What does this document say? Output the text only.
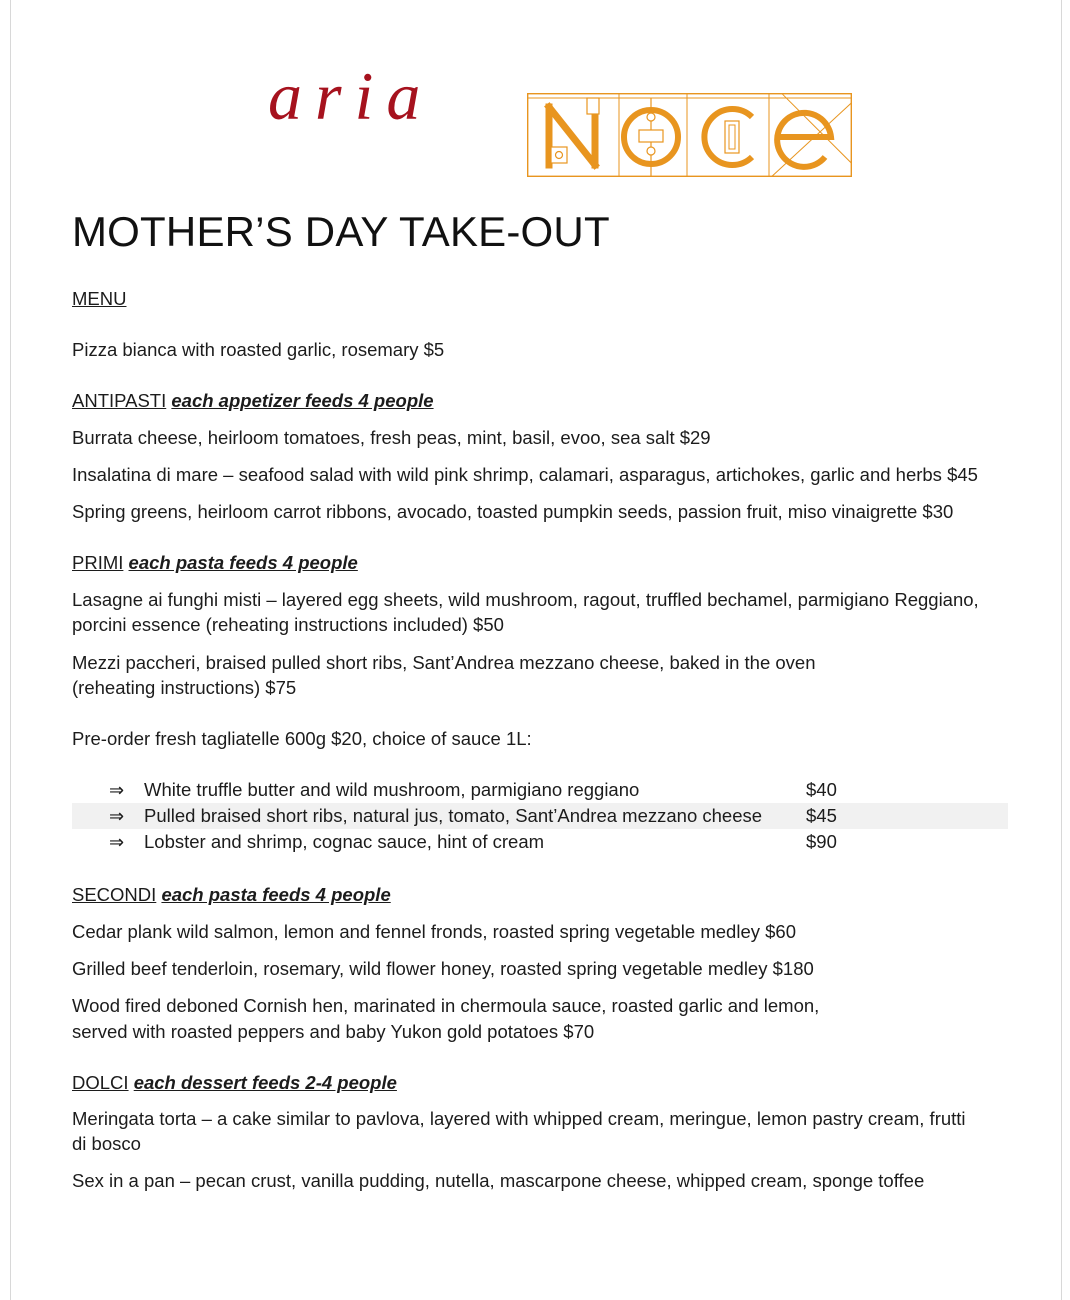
aria
MOTHER’S DAY TAKE-OUT
MENU
Pizza bianca with roasted garlic, rosemary $5
ANTIPASTI each appetizer feeds 4 people
Burrata cheese, heirloom tomatoes, fresh peas, mint, basil, evoo, sea salt $29
Insalatina di mare – seafood salad with wild pink shrimp, calamari, asparagus, artichokes, garlic and herbs $45
Spring greens, heirloom carrot ribbons, avocado, toasted pumpkin seeds, passion fruit, miso vinaigrette $30
PRIMI each pasta feeds 4 people
Lasagne ai funghi misti – layered egg sheets, wild mushroom, ragout, truffled bechamel, parmigiano Reggiano,
porcini essence (reheating instructions included) $50
Mezzi paccheri, braised pulled short ribs, Sant’Andrea mezzano cheese, baked in the oven
(reheating instructions) $75
Pre-order fresh tagliatelle 600g $20, choice of sauce 1L:
⇒ White truffle butter and wild mushroom, parmigiano reggiano	$40
⇒ Pulled braised short ribs, natural jus, tomato, Sant’Andrea mezzano cheese $45
⇒ Lobster and shrimp, cognac sauce, hint of cream	$90
SECONDI each pasta feeds 4 people
Cedar plank wild salmon, lemon and fennel fronds, roasted spring vegetable medley $60
Grilled beef tenderloin, rosemary, wild flower honey, roasted spring vegetable medley $180
Wood fired deboned Cornish hen, marinated in chermoula sauce, roasted garlic and lemon,
served with roasted peppers and baby Yukon gold potatoes $70
DOLCI each dessert feeds 2-4 people
Meringata torta – a cake similar to pavlova, layered with whipped cream, meringue, lemon pastry cream, frutti
di bosco
Sex in a pan – pecan crust, vanilla pudding, nutella, mascarpone cheese, whipped cream, sponge toffee
